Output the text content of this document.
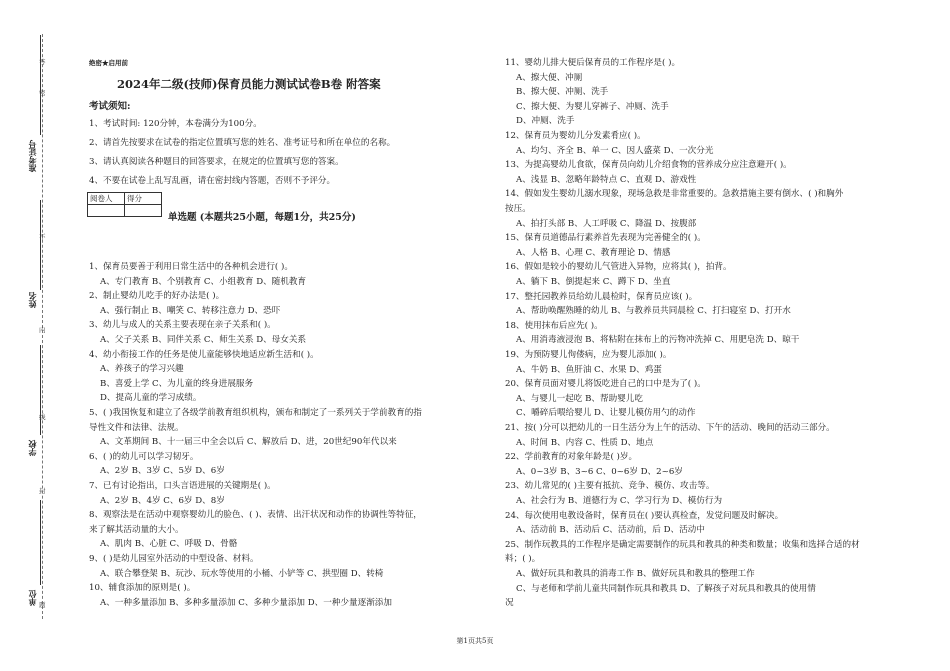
准考证号
姓名
学校
单位
密
不
内
线
封
题
答	绝密★启用前
2024年二级(技师)保育员能力测试试卷B卷 附答案
考试须知:
1、考试时间: 120分钟，本卷满分为100分。
2、请首先按要求在试卷的指定位置填写您的姓名、准考证号和所在单位的名称。
3、请认真阅读各种题目的回答要求，在规定的位置填写您的答案。
4、不要在试卷上乱写乱画，请在密封线内答题，否则不予评分。
阅卷人	得分

单选题 (本题共25小题，每题1分，共25分)
1、保育员要善于利用日常生活中的各种机会进行( )。
A、专门教育 B、个别教育 C、小组教育 D、随机教育
2、制止婴幼儿吃手的好办法是( )。
A、强行制止 B、嘲笑 C、转移注意力 D、恐吓
3、幼儿与成人的关系主要表现在亲子关系和( )。
A、父子关系 B、同伴关系 C、师生关系 D、母女关系
4、幼小衔接工作的任务是使儿童能够快地适应新生活和( )。
A、养孩子的学习兴趣
B、喜爱上学 C、为儿童的终身进展服务
D、提高儿童的学习成绩。
5、( )我国恢复和建立了各级学前教育组织机构，颁布和制定了一系列关于学前教育的指
导性文件和法律、法规。
A、文革期间 B、十一届三中全会以后 C、解放后 D、进，20世纪90年代以来
6、( )的幼儿可以学习韧牙。
A、2岁 B、3岁 C、5岁 D、6岁
7、已有讨论指出，口头言语进展的关键期是( )。
A、2岁 B、4岁 C、6岁 D、8岁
8、观察法是在活动中观察婴幼儿的脸色、( )、表情、出汗状况和动作的协调性等特征，
来了解其活动量的大小。
A、肌肉 B、心脏 C、呼吸 D、骨骼
9、( )是幼儿园室外活动的中型设备、材料。
A、联合攀登架 B、玩沙、玩水等使用的小桶、小铲等 C、拱型圈 D、转椅
10、辅食添加的原则是( )。
A、一种多量添加 B、多种多量添加 C、多种少量添加 D、一种少量逐渐添加
11、婴幼儿排大便后保育员的工作程序是( )。
A、擦大便、冲厕
B、擦大便、冲厕、洗手
C、擦大便、为婴儿穿裤子、冲厕、洗手
D、冲厕、洗手
12、保育员为婴幼儿分发素肴应( )。
A、均匀、齐全 B、单一 C、因人盛菜 D、一次分光
13、为提高婴幼儿食欲，保育员向幼儿介绍食物的营养成分应注意避开( )。
A、浅显 B、忽略年龄特点 C、直观 D、游戏性
14、假如发生婴幼儿溺水现象，现场急救是非常重要的。急救措施主要有倒水、( )和胸外
按压。
A、拍打头部 B、人工呼吸 C、降温 D、按腹部
15、保育员道德品行素养首先表现为完善健全的( )。
A、人格 B、心理 C、教育理论 D、情感
16、假如是较小的婴幼儿气管进入异物，应将其( )，拍背。
A、躺下 B、倒提起来 C、蹲下 D、坐直
17、整托园教养员给幼儿晨检时，保育员应该( )。
A、帮助唤醒熟睡的幼儿 B、与教养员共同晨检 C、打扫寝室 D、打开水
18、使用抹布后应先( )。
A、用消毒液浸泡 B、将粘附在抹布上的污物冲洗掉 C、用肥皂洗 D、晾干
19、为预防婴儿佝偻病，应为婴儿添加( )。
A、牛奶 B、鱼肝油 C、水果 D、鸡蛋
20、保育员面对婴儿将饭吃进自己的口中是为了( )。
A、与婴儿一起吃 B、帮助婴儿吃
C、嚼碎后喂给婴儿 D、让婴儿模仿用勺的动作
21、按( )分可以把幼儿的一日生活分为上午的活动、下午的活动、晚间的活动三部分。
A、时间 B、内容 C、性质 D、地点
22、学前教育的对象年龄是( )岁。
A、0~3岁 B、3~6 C、0~6岁 D、2~6岁
23、幼儿常见的( )主要有抵抗、竞争、模仿、攻击等。
A、社会行为 B、道德行为 C、学习行为 D、模仿行为
24、每次使用电教设备时，保育员在( )要认真检查，发觉问题及时解决。
A、活动前 B、活动后 C、活动前，后 D、活动中
25、制作玩教具的工作程序是确定需要制作的玩具和教具的种类和数量；收集和选择合适的材
料；( )。
A、做好玩具和教具的消毒工作 B、做好玩具和教具的整理工作
C、与老师和学前儿童共同制作玩具和教具 D、了解孩子对玩具和教具的使用情
况
第1页共5页
